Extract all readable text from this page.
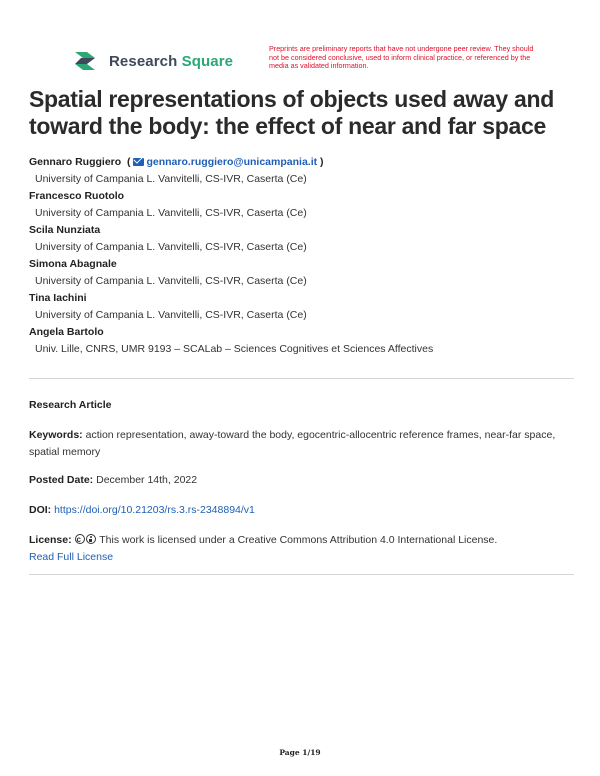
Research Square
Preprints are preliminary reports that have not undergone peer review. They should not be considered conclusive, used to inform clinical practice, or referenced by the media as validated information.
Spatial representations of objects used away and toward the body: the effect of near and far space
Gennaro Ruggiero  ( gennaro.ruggiero@unicampania.it )
University of Campania L. Vanvitelli, CS-IVR, Caserta (Ce)
Francesco Ruotolo
University of Campania L. Vanvitelli, CS-IVR, Caserta (Ce)
Scila Nunziata
University of Campania L. Vanvitelli, CS-IVR, Caserta (Ce)
Simona Abagnale
University of Campania L. Vanvitelli, CS-IVR, Caserta (Ce)
Tina Iachini
University of Campania L. Vanvitelli, CS-IVR, Caserta (Ce)
Angela Bartolo
Univ. Lille, CNRS, UMR 9193 – SCALab – Sciences Cognitives et Sciences Affectives
Research Article
Keywords: action representation, away-toward the body, egocentric-allocentric reference frames, near-far space, spatial memory
Posted Date: December 14th, 2022
DOI: https://doi.org/10.21203/rs.3.rs-2348894/v1
License: c	This work is licensed under a Creative Commons Attribution 4.0 International License.
Read Full License
Page 1/19
